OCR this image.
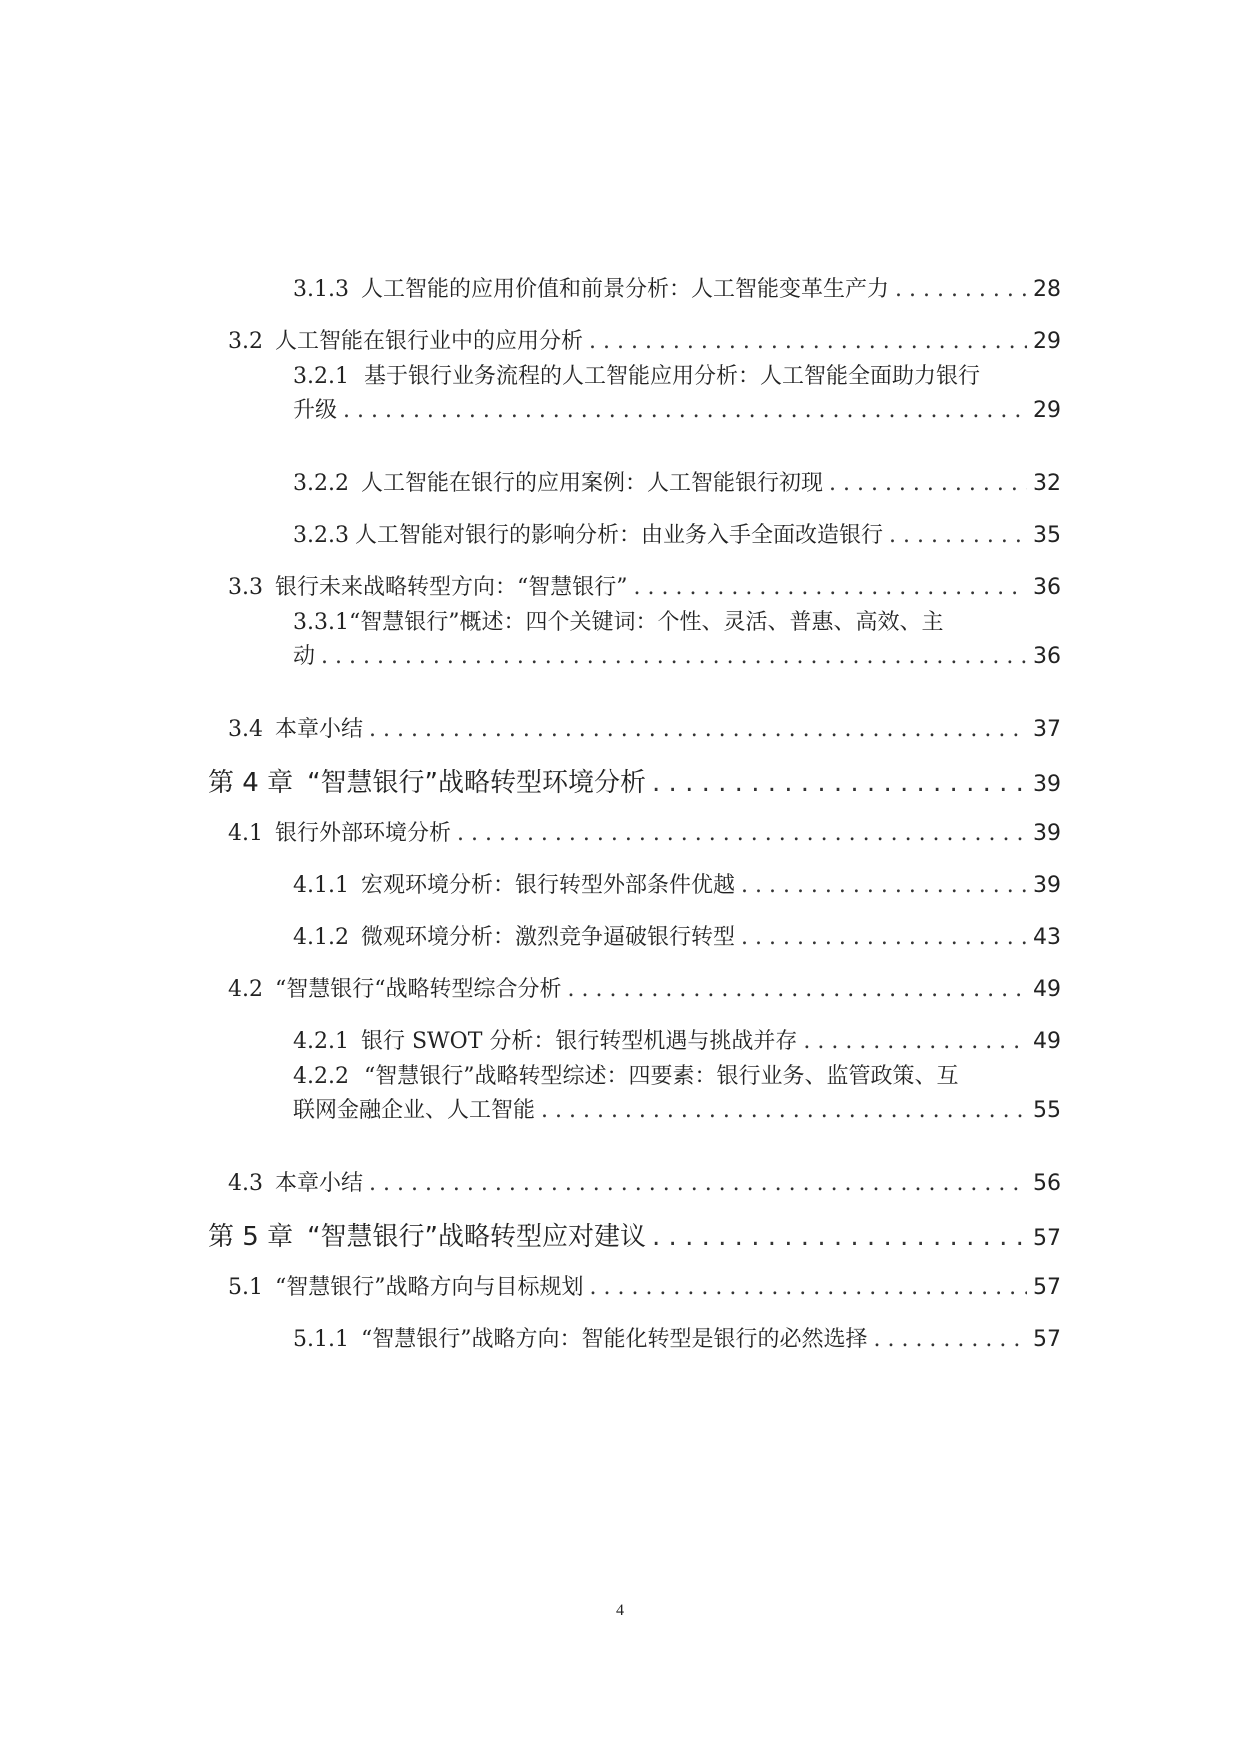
3.1.3 人工智能的应用价值和前景分析：人工智能变革生产力 . . .	28
3.2 人工智能在银行业中的应用分析 . . .	29
3.2.1 基于银行业务流程的人工智能应用分析：人工智能全面助力银行
升级 . . .	29
3.2.2 人工智能在银行的应用案例：人工智能银行初现 . . .	32
3.2.3 人工智能对银行的影响分析：由业务入手全面改造银行 . . .	35
3.3 银行未来战略转型方向：“智慧银行” . . .	36
3.3.1“智慧银行”概述：四个关键词：个性、灵活、普惠、高效、主
动 . . .	36
3.4 本章小结 . . .	37
第 4 章 “智慧银行”战略转型环境分析 . . .	39
4.1 银行外部环境分析 . . .	39
4.1.1 宏观环境分析：银行转型外部条件优越 . . .	39
4.1.2 微观环境分析：激烈竞争逼破银行转型 . . .	43
4.2 “智慧银行“战略转型综合分析 . . .	49
4.2.1 银行 SWOT 分析：银行转型机遇与挑战并存 . . .	49
4.2.2 “智慧银行”战略转型综述：四要素：银行业务、监管政策、互
联网金融企业、人工智能 . . .	55
4.3 本章小结 . . .	56
第 5 章 “智慧银行”战略转型应对建议 . . .	57
5.1 “智慧银行”战略方向与目标规划 . . .	57
5.1.1 “智慧银行”战略方向：智能化转型是银行的必然选择 . . .	57
4
